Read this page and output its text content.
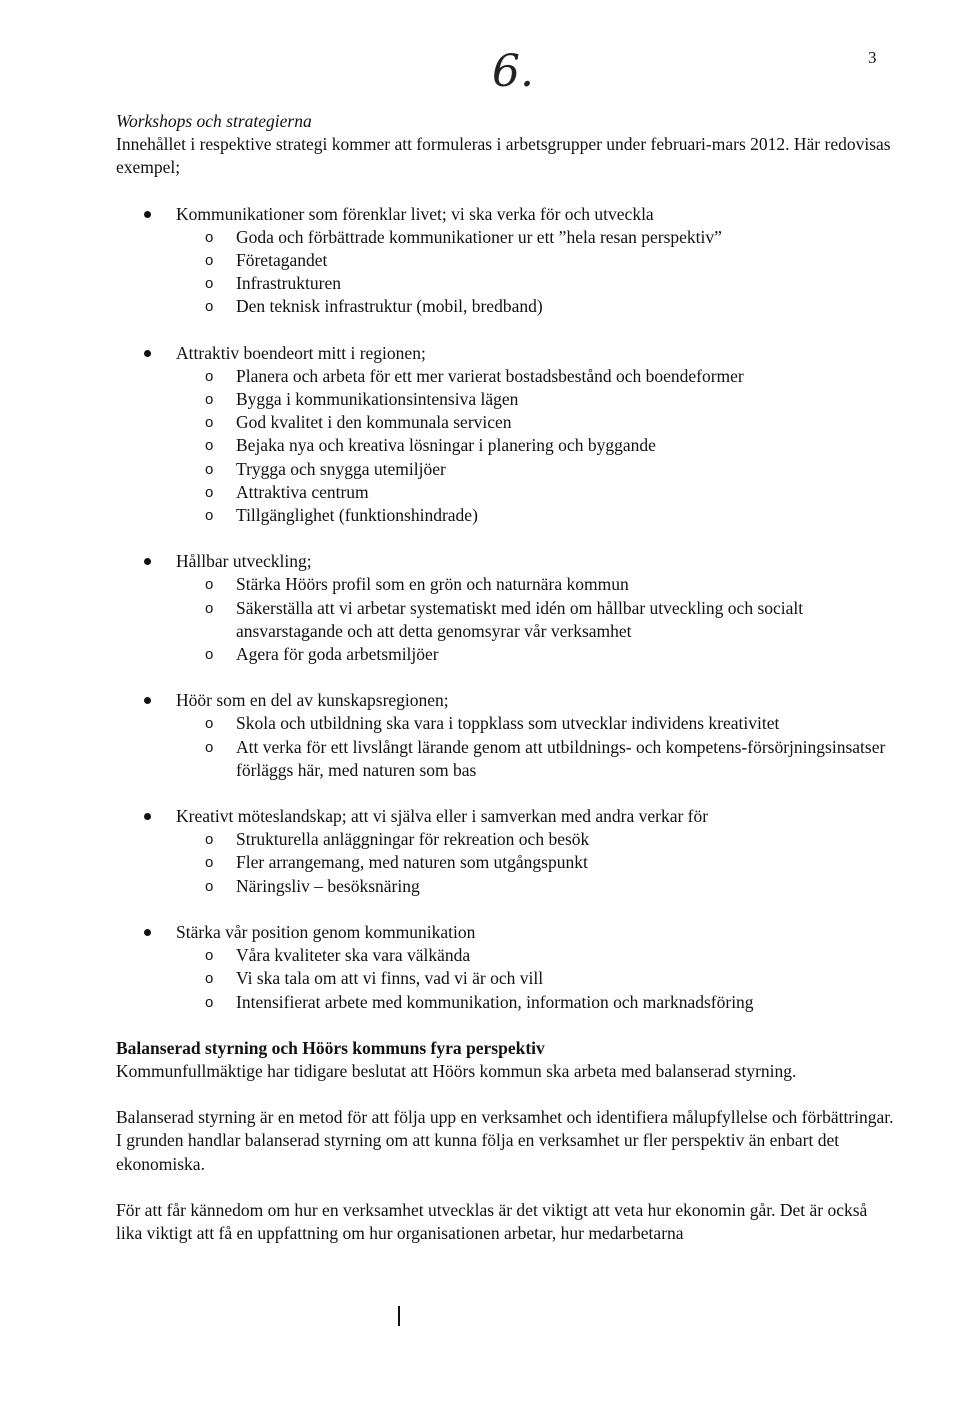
3
6.

Workshops och strategierna

Innehållet i respektive strategi kommer att formuleras i arbetsgrupper under februari-mars 2012. Här redovisas exempel;

Kommunikationer som förenklar livet; vi ska verka för och utveckla
o Goda och förbättrade kommunikationer ur ett ”hela resan perspektiv”
o Företagandet
o Infrastrukturen
o Den teknisk infrastruktur (mobil, bredband)
Attraktiv boendeort mitt i regionen;
o Planera och arbeta för ett mer varierat bostadsbestånd och boendeformer
o Bygga i kommunikationsintensiva lägen
o God kvalitet i den kommunala servicen
o Bejaka nya och kreativa lösningar i planering och byggande
o Trygga och snygga utemiljöer
o Attraktiva centrum
o Tillgänglighet (funktionshindrade)
Hållbar utveckling;
o Stärka Höörs profil som en grön och naturnära kommun
o Säkerställa att vi arbetar systematiskt med idén om hållbar utveckling och socialt ansvarstagande och att detta genomsyrar vår verksamhet
o Agera för goda arbetsmiljöer
Höör som en del av kunskapsregionen;
o Skola och utbildning ska vara i toppklass som utvecklar individens kreativitet
o Att verka för ett livslångt lärande genom att utbildnings- och kompetens-försörjningsinsatser förläggs här, med naturen som bas
Kreativt möteslandskap; att vi själva eller i samverkan med andra verkar för
o Strukturella anläggningar för rekreation och besök
o Fler arrangemang, med naturen som utgångspunkt
o Näringsliv – besöksnäring
Stärka vår position genom kommunikation
o Våra kvaliteter ska vara välkända
o Vi ska tala om att vi finns, vad vi är och vill
o Intensifierat arbete med kommunikation, information och marknadsföring

Balanserad styrning och Höörs kommuns fyra perspektiv

Kommunfullmäktige har tidigare beslutat att Höörs kommun ska arbeta med balanserad styrning.

Balanserad styrning är en metod för att följa upp en verksamhet och identifiera målupfyllelse och förbättringar. I grunden handlar balanserad styrning om att kunna följa en verksamhet ur fler perspektiv än enbart det ekonomiska.

För att får kännedom om hur en verksamhet utvecklas är det viktigt att veta hur ekonomin går. Det är också lika viktigt att få en uppfattning om hur organisationen arbetar, hur medarbetarna
